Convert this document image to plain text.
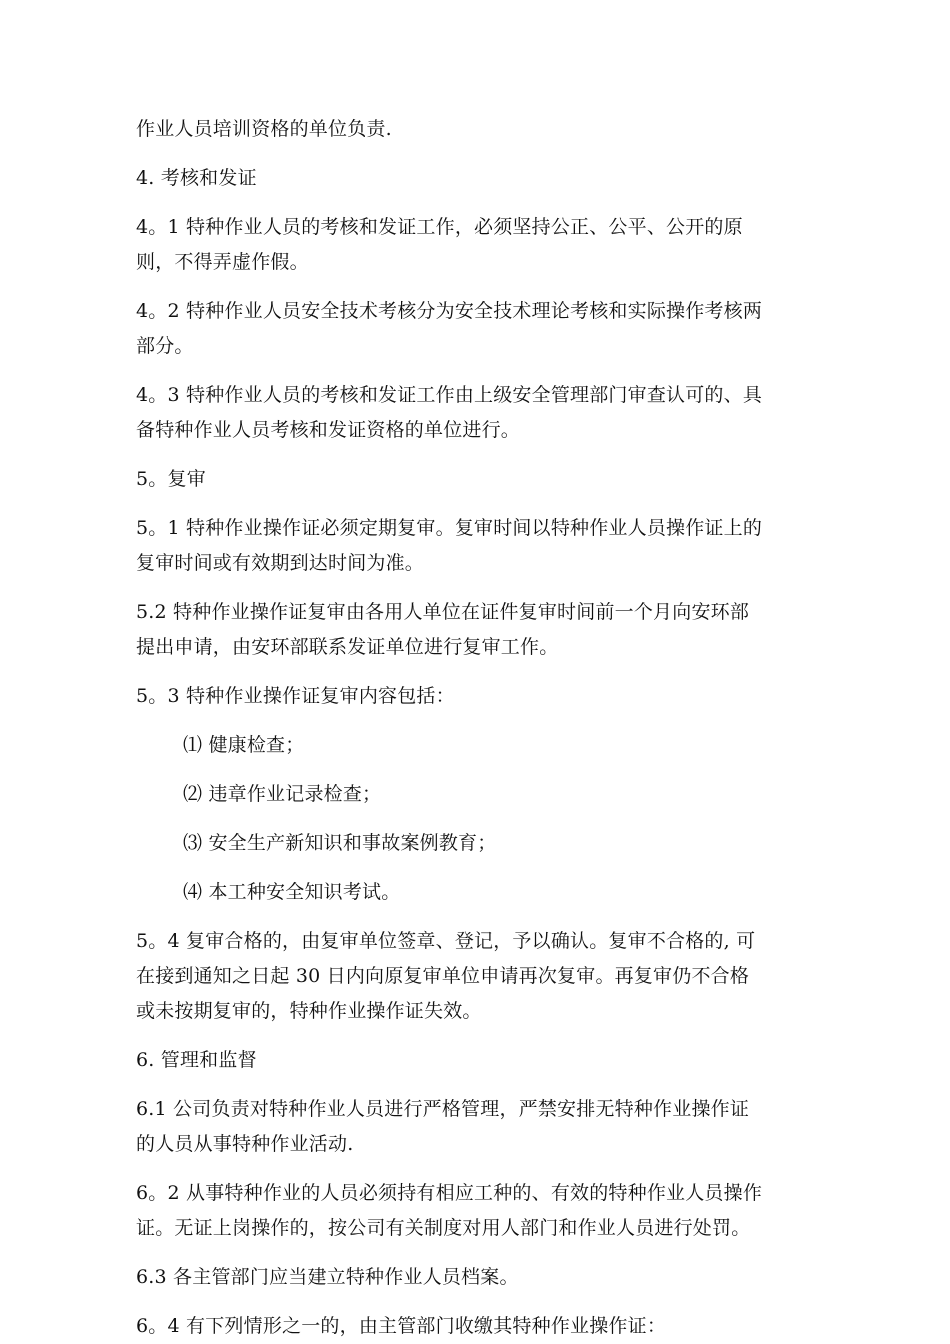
作业人员培训资格的单位负责.
4. 考核和发证
4。1 特种作业人员的考核和发证工作，必须坚持公正、公平、公开的原
则，不得弄虚作假。
4。2 特种作业人员安全技术考核分为安全技术理论考核和实际操作考核两
部分。
4。3 特种作业人员的考核和发证工作由上级安全管理部门审查认可的、具
备特种作业人员考核和发证资格的单位进行。
5。复审
5。1 特种作业操作证必须定期复审。复审时间以特种作业人员操作证上的
复审时间或有效期到达时间为准。
5.2 特种作业操作证复审由各用人单位在证件复审时间前一个月向安环部
提出申请，由安环部联系发证单位进行复审工作。
5。3 特种作业操作证复审内容包括：
⑴ 健康检查；
⑵ 违章作业记录检查；
⑶ 安全生产新知识和事故案例教育；
⑷ 本工种安全知识考试。
5。4 复审合格的，由复审单位签章、登记，予以确认。复审不合格的, 可
在接到通知之日起 30 日内向原复审单位申请再次复审。再复审仍不合格
或未按期复审的，特种作业操作证失效。
6. 管理和监督
6.1 公司负责对特种作业人员进行严格管理，严禁安排无特种作业操作证
的人员从事特种作业活动.
6。2 从事特种作业的人员必须持有相应工种的、有效的特种作业人员操作
证。无证上岗操作的，按公司有关制度对用人部门和作业人员进行处罚。
6.3 各主管部门应当建立特种作业人员档案。
6。4 有下列情形之一的，由主管部门收缴其特种作业操作证：
